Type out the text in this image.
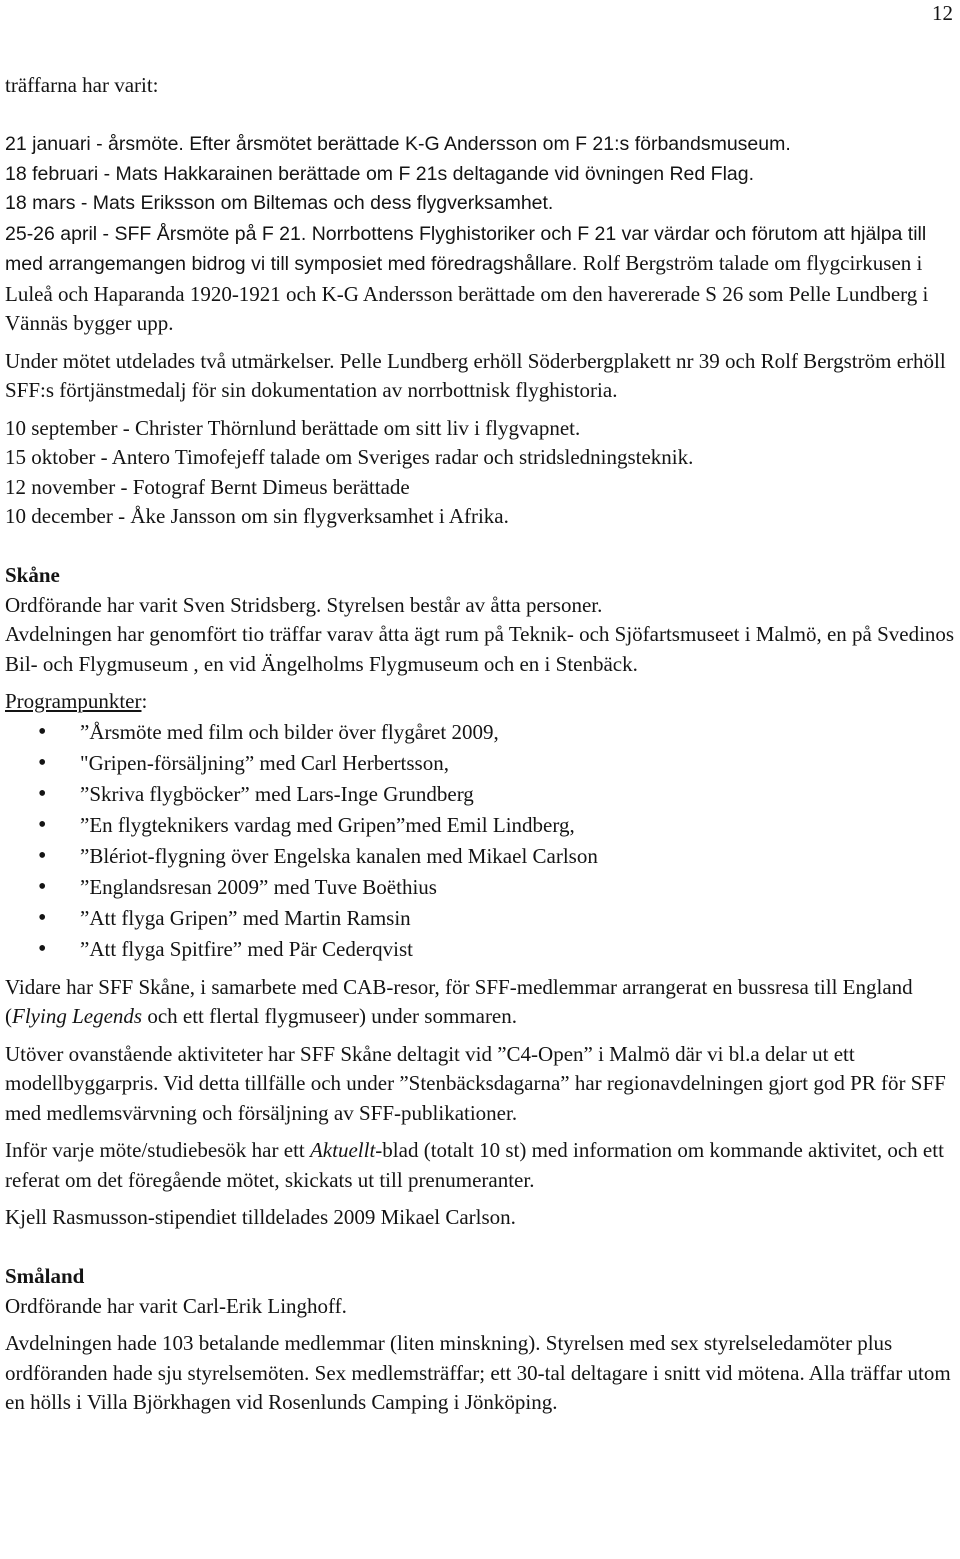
12

träffarna har varit:

21 januari - årsmöte. Efter årsmötet berättade K-G Andersson om F 21:s förbandsmuseum.

18 februari - Mats Hakkarainen berättade om F 21s deltagande vid övningen Red Flag.

18 mars - Mats Eriksson om Biltemas och dess flygverksamhet.

25-26 april - SFF Årsmöte på F 21. Norrbottens Flyghistoriker och F 21 var värdar och förutom att hjälpa till med arrangemangen bidrog vi till symposiet med föredragshållare. Rolf Bergström talade om flygcirkusen i Luleå och Haparanda 1920-1921 och K-G Andersson berättade om den havererade S 26 som Pelle Lundberg i Vännäs bygger upp.

Under mötet utdelades två utmärkelser. Pelle Lundberg erhöll Söderbergplakett nr 39 och Rolf Bergström erhöll SFF:s förtjänstmedalj för sin dokumentation av norrbottnisk flyghistoria.

10 september - Christer Thörnlund berättade om sitt liv i flygvapnet.

15 oktober - Antero Timofejeff talade om Sveriges radar och stridsledningsteknik.

12 november - Fotograf Bernt Dimeus berättade

10 december - Åke Jansson om sin flygverksamhet i Afrika.

Skåne

Ordförande har varit Sven Stridsberg. Styrelsen består av åtta personer.

Avdelningen har genomfört tio träffar varav åtta ägt rum på Teknik- och Sjöfartsmuseet i Malmö, en på Svedinos Bil- och Flygmuseum , en vid Ängelholms Flygmuseum och en i Stenbäck.

Programpunkter:

• ”Årsmöte med film och bilder över flygåret 2009,
• "Gripen-försäljning” med Carl Herbertsson,
• ”Skriva flygböcker” med Lars-Inge Grundberg
• ”En flygteknikers vardag med Gripen”med Emil Lindberg,
• ”Blériot-flygning över Engelska kanalen med Mikael Carlson
• ”Englandsresan 2009” med Tuve Boëthius
• ”Att flyga Gripen” med Martin Ramsin
• ”Att flyga Spitfire” med Pär Cederqvist

Vidare har SFF Skåne, i samarbete med CAB-resor, för SFF-medlemmar arrangerat en bussresa till England (Flying Legends och ett flertal flygmuseer) under sommaren.

Utöver ovanstående aktiviteter har SFF Skåne deltagit vid ”C4-Open” i Malmö där vi bl.a delar ut ett modellbyggarpris. Vid detta tillfälle och under ”Stenbäcksdagarna” har regionavdelningen gjort god PR för SFF med medlemsvärvning och försäljning av SFF-publikationer.

Inför varje möte/studiebesök har ett Aktuellt-blad (totalt 10 st) med information om kommande aktivitet, och ett referat om det föregående mötet, skickats ut till prenumeranter.

Kjell Rasmusson-stipendiet tilldelades 2009 Mikael Carlson.

Småland

Ordförande har varit Carl-Erik Linghoff.

Avdelningen hade 103 betalande medlemmar (liten minskning). Styrelsen med sex styrelseledamöter plus ordföranden hade sju styrelsemöten. Sex medlemsträffar; ett 30-tal deltagare i snitt vid mötena. Alla träffar utom en hölls i Villa Björkhagen vid Rosenlunds Camping i Jönköping.
